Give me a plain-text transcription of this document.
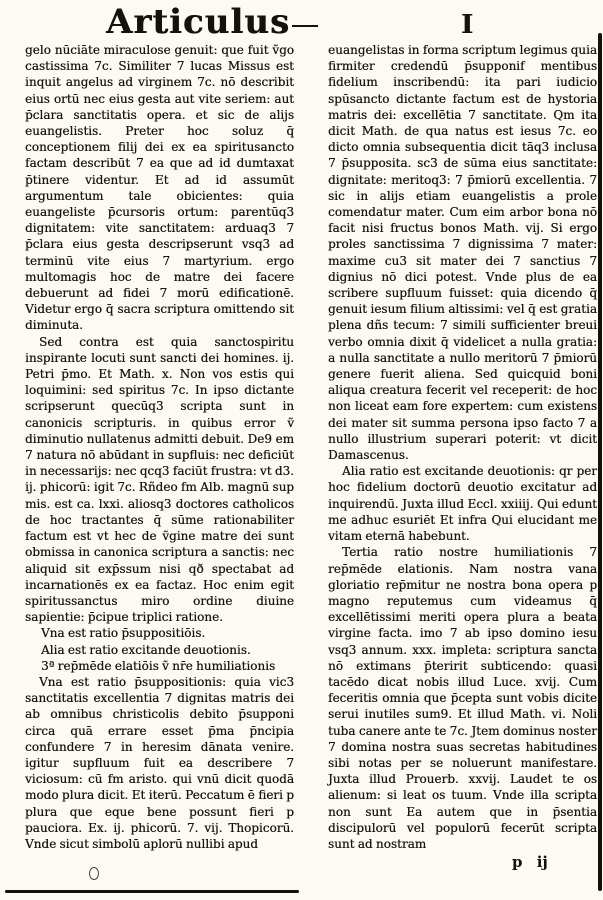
Articulus	I

gelo nūciāte miraculose genuit: que fuit ṽgo castissima 7c. Similiter 7 lucas Missus est inquit angelus ad virginem 7c. nō describit eius ortū nec eius gesta aut vite seriem: aut p̄clara sanctitatis opera. et sic de alijs euangelistis. Preter hoc soluz q̄ conceptionem filij dei ex ea spiritusancto factam describūt 7 ea que ad id dumtaxat p̄tinere videntur. Et ad id assumūt argumentum tale obicientes: quia euangeliste p̄cursoris ortum: parentūq3 dignitatem: vite sanctitatem: arduaq3 7 p̄clara eius gesta descripserunt vsq3 ad terminū vite eius 7 martyrium. ergo multomagis hoc de matre dei facere debuerunt ad fidei 7 morū edificationē. Videtur ergo q̄ sacra scriptura omittendo sit diminuta.

Sed contra est quia sanctospiritu inspirante locuti sunt sancti dei homines. ij. Petri p̄mo. Et Math. x. Non vos estis qui loquimini: sed spiritus 7c. In ipso dictante scripserunt quecūq3 scripta sunt in canonicis scripturis. in quibus error ṽ diminutio nullatenus admitti debuit. De9 em 7 natura nō abūdant in supfluis: nec deficiūt in necessarijs: nec qcq3 faciūt frustra: vt d3. ij. phicorū: igit 7c. Rñdeo fm Alb. magnū sup mis. est ca. lxxi. aliosq3 doctores catholicos de hoc tractantes q̄ sūme rationabiliter factum est vt hec de ṽgine matre dei sunt obmissa in canonica scriptura a sanctis: nec aliquid sit exp̄ssum nisi qð spectabat ad incarnationēs ex ea factaz. Hoc enim egit spiritussanctus miro ordine diuine sapientie: p̄cipue triplici ratione.

Vna est ratio p̄suppositiōis.

Alia est ratio excitande deuotionis.

3ª rep̄mēde elatiōis ṽ nr̄e humiliationis

Vna est ratio p̄suppositionis: quia vic3 sanctitatis excellentia 7 dignitas matris dei ab omnibus christicolis debito p̄supponi circa quā errare esset p̄ma p̄ncipia confundere 7 in heresim dānata venire. igitur supfluum fuit ea describere 7 viciosum: cū fm aristo. qui vnū dicit quodā modo plura dicit. Et iterū. Peccatum ē fieri p plura que eque bene possunt fieri p pauciora. Ex. ij. phicorū. 7. vij. Thopicorū. Vnde sicut simbolū aplorū nullibi apud

euangelistas in forma scriptum legimus quia firmiter credendū p̄supponif mentibus fidelium inscribendū: ita pari iudicio spūsancto dictante factum est de hystoria matris dei: excellētia 7 sanctitate. Qm ita dicit Math. de qua natus est iesus 7c. eo dicto omnia subsequentia dicit tāq3 inclusa 7 p̄supposita. sc3 de sūma eius sanctitate: dignitate: meritoq3: 7 p̄miorū excellentia. 7 sic in alijs etiam euangelistis a prole comendatur mater. Cum eim arbor bona nō facit nisi fructus bonos Math. vij. Si ergo proles sanctissima 7 dignissima 7 mater: maxime cu3 sit mater dei 7 sanctius 7 dignius nō dici potest. Vnde plus de ea scribere supfluum fuisset: quia dicendo q̄ genuit iesum filium altissimi: vel q̄ est gratia plena dñs tecum: 7 simili sufficienter breui verbo omnia dixit q̄ videlicet a nulla gratia: a nulla sanctitate a nullo meritorū 7 p̄miorū genere fuerit aliena. Sed quicquid boni aliqua creatura fecerit vel receperit: de hoc non liceat eam fore expertem: cum existens dei mater sit summa persona ipso facto 7 a nullo illustrium superari poterit: vt dicit Damascenus.

Alia ratio est excitande deuotionis: qr per hoc fidelium doctorū deuotio excitatur ad inquirendū. Juxta illud Eccl. xxiiij. Qui edunt me adhuc esuriēt Et infra Qui elucidant me vitam eternā habebunt.

Tertia ratio nostre humiliationis 7 rep̄mēde elationis. Nam nostra vana gloriatio rep̄mitur ne nostra bona opera p magno reputemus cum videamus q̄ excellētissimi meriti opera plura a beata virgine facta. imo 7 ab ipso domino iesu vsq3 annum. xxx. impleta: scriptura sancta nō extimans p̄teririt subticendo: quasi tacēdo dicat nobis illud Luce. xvij. Cum feceritis omnia que p̄cepta sunt vobis dicite serui inutiles sum9. Et illud Math. vi. Noli tuba canere ante te 7c. Jtem dominus noster 7 domina nostra suas secretas habitudines sibi notas per se noluerunt manifestare. Juxta illud Prouerb. xxvij. Laudet te os alienum: si leat os tuum. Vnde illa scripta non sunt Ea autem que in p̄sentia discipulorū vel populorū fecerūt scripta sunt ad nostram

p ij
